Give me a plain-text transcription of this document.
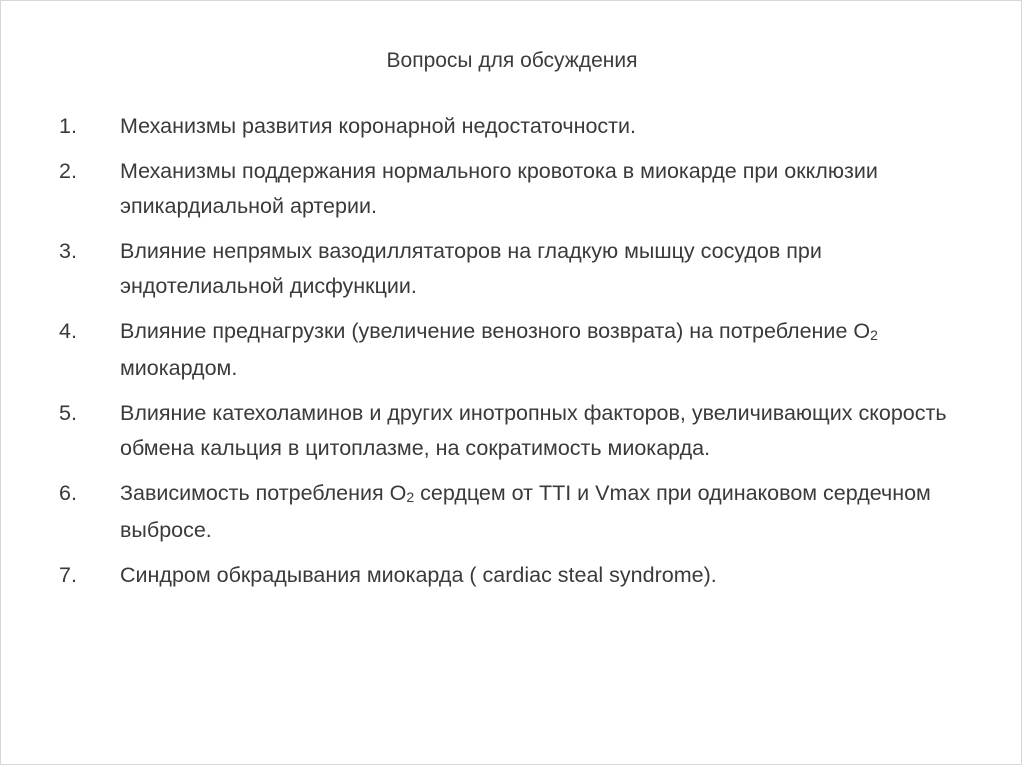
Вопросы для обсуждения
1.	Механизмы развития коронарной недостаточности.
2.	Механизмы поддержания нормального кровотока в миокарде при окклюзии эпикардиальной артерии.
3.	Влияние непрямых вазодиллятаторов на гладкую мышцу сосудов при эндотелиальной дисфункции.
4.	Влияние преднагрузки (увеличение венозного возврата) на потребление O2 миокардом.
5.	Влияние катехоламинов и других инотропных факторов, увеличивающих скорость обмена кальция в цитоплазме, на сократимость миокарда.
6.	Зависимость потребления O2 сердцем от TTI и Vmax при одинаковом сердечном выбросе.
7.	Синдром обкрадывания миокарда ( cardiac steal syndrome).
